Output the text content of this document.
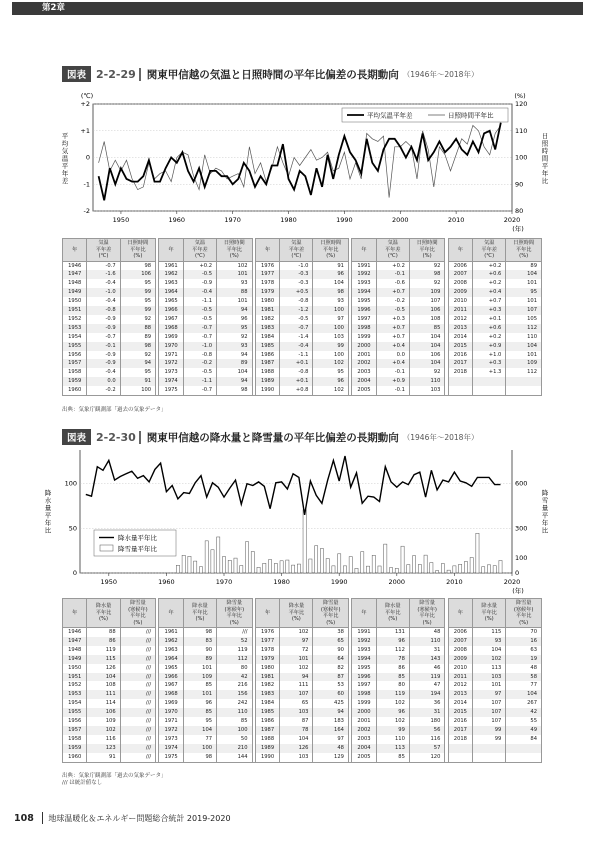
第2章
図表 2-2-29	関東甲信越の気温と日照時間の平年比偏差の長期動向 （1946年～2018年）
+2
+1
0
-1
-2
120
110
100
90
80
1950	1960	1970	1980	1990	2000	2010	2020
(年)
(℃)	(%)
平
均
気
温
平
年
差
日
照
時
間
平
年
比
平均気温平年差	日照時間平年比
年	気温
平年差
(℃)	日照時間
平年比
(%)		年	気温
平年差
(℃)	日照時間
平年比
(%)		年	気温
平年差
(℃)	日照時間
平年比
(%)		年	気温
平年差
(℃)	日照時間
平年比
(%)		年	気温
平年差
(℃)	日照時間
平年比
(%)
1946	-0.7	98		1961	+0.2	102		1976	-1.0	91		1991	+0.2	92		2006	+0.2	89
1947	-1.6	106		1962	-0.5	101		1977	-0.3	96		1992	-0.1	98		2007	+0.6	104
1948	-0.4	95		1963	-0.9	93		1978	-0.3	104		1993	-0.6	92		2008	+0.2	101
1949	-1.0	99		1964	-0.4	88		1979	+0.5	98		1994	+0.7	109		2009	+0.4	95
1950	-0.4	95		1965	-1.1	101		1980	-0.8	93		1995	-0.2	107		2010	+0.7	101
1951	-0.8	99		1966	-0.5	94		1981	-1.2	100		1996	-0.5	106		2011	+0.3	107
1952	-0.9	92		1967	-0.5	96		1982	-0.5	97		1997	+0.3	108		2012	+0.1	105
1953	-0.9	88		1968	-0.7	95		1983	-0.7	100		1998	+0.7	85		2013	+0.6	112
1954	-0.7	89		1969	-0.7	92		1984	-1.4	103		1999	+0.7	104		2014	+0.2	110
1955	-0.1	98		1970	-1.0	93		1985	-0.4	99		2000	+0.4	104		2015	+0.9	104
1956	-0.9	92		1971	-0.8	94		1986	-1.1	100		2001	0.0	106		2016	+1.0	101
1957	-0.9	94		1972	-0.2	89		1987	+0.1	102		2002	+0.4	104		2017	+0.3	109
1958	-0.4	95		1973	-0.5	104		1988	-0.8	95		2003	-0.1	92		2018	+1.3	112
1959	0.0	91		1974	-1.1	94		1989	+0.1	96		2004	+0.9	110				
1960	-0.2	100		1975	-0.7	98		1990	+0.8	102		2005	-0.1	103				
出典：気象庁観測部「過去の気象データ」
図表 2-2-30	関東甲信越の降水量と降雪量の平年比偏差の長期動向 （1946年～2018年）
100
50
0
600
300
100
0
1950	1960	1970	1980	1990	2000	2010	2020
(年)
降
水
量
平
年
比
降
雪
量
平
年
比
降水量平年比
降雪量平年比
年	降水量
平年比
(%)	降雪量
(寒候年)
平年比
(%)		年	降水量
平年比
(%)	降雪量
(寒候年)
平年比
(%)		年	降水量
平年比
(%)	降雪量
(寒候年)
平年比
(%)		年	降水量
平年比
(%)	降雪量
(寒候年)
平年比
(%)		年	降水量
平年比
(%)	降雪量
(寒候年)
平年比
(%)
1946	88	///		1961	98	///		1976	102	38		1991	131	48		2006	115	70
1947	86	///		1962	83	52		1977	97	65		1992	96	110		2007	93	16
1948	119	///		1963	90	119		1978	72	90		1993	112	31		2008	104	63
1949	115	///		1964	89	112		1979	101	64		1994	78	143		2009	102	19
1950	126	///		1965	101	80		1980	102	82		1995	86	46		2010	113	48
1951	104	///		1966	109	42		1981	94	87		1996	85	119		2011	103	58
1952	108	///		1967	85	216		1982	111	53		1997	80	47		2012	101	77
1953	111	///		1968	101	156		1983	107	60		1998	119	194		2013	97	104
1954	114	///		1969	96	242		1984	65	425		1999	102	36		2014	107	267
1955	106	///		1970	85	110		1985	103	94		2000	96	31		2015	107	42
1956	109	///		1971	95	85		1986	87	183		2001	102	180		2016	107	55
1957	102	///		1972	104	100		1987	78	164		2002	99	56		2017	99	49
1958	116	///		1973	77	50		1988	104	97		2003	110	116		2018	99	84
1959	123	///		1974	100	210		1989	126	48		2004	113	57				
1960	91	///		1975	98	144		1990	103	129		2005	85	120				
出典：気象庁観測部「過去の気象データ」
/// は統計値なし
108 地球温暖化＆エネルギー問題総合統計 2019-2020
